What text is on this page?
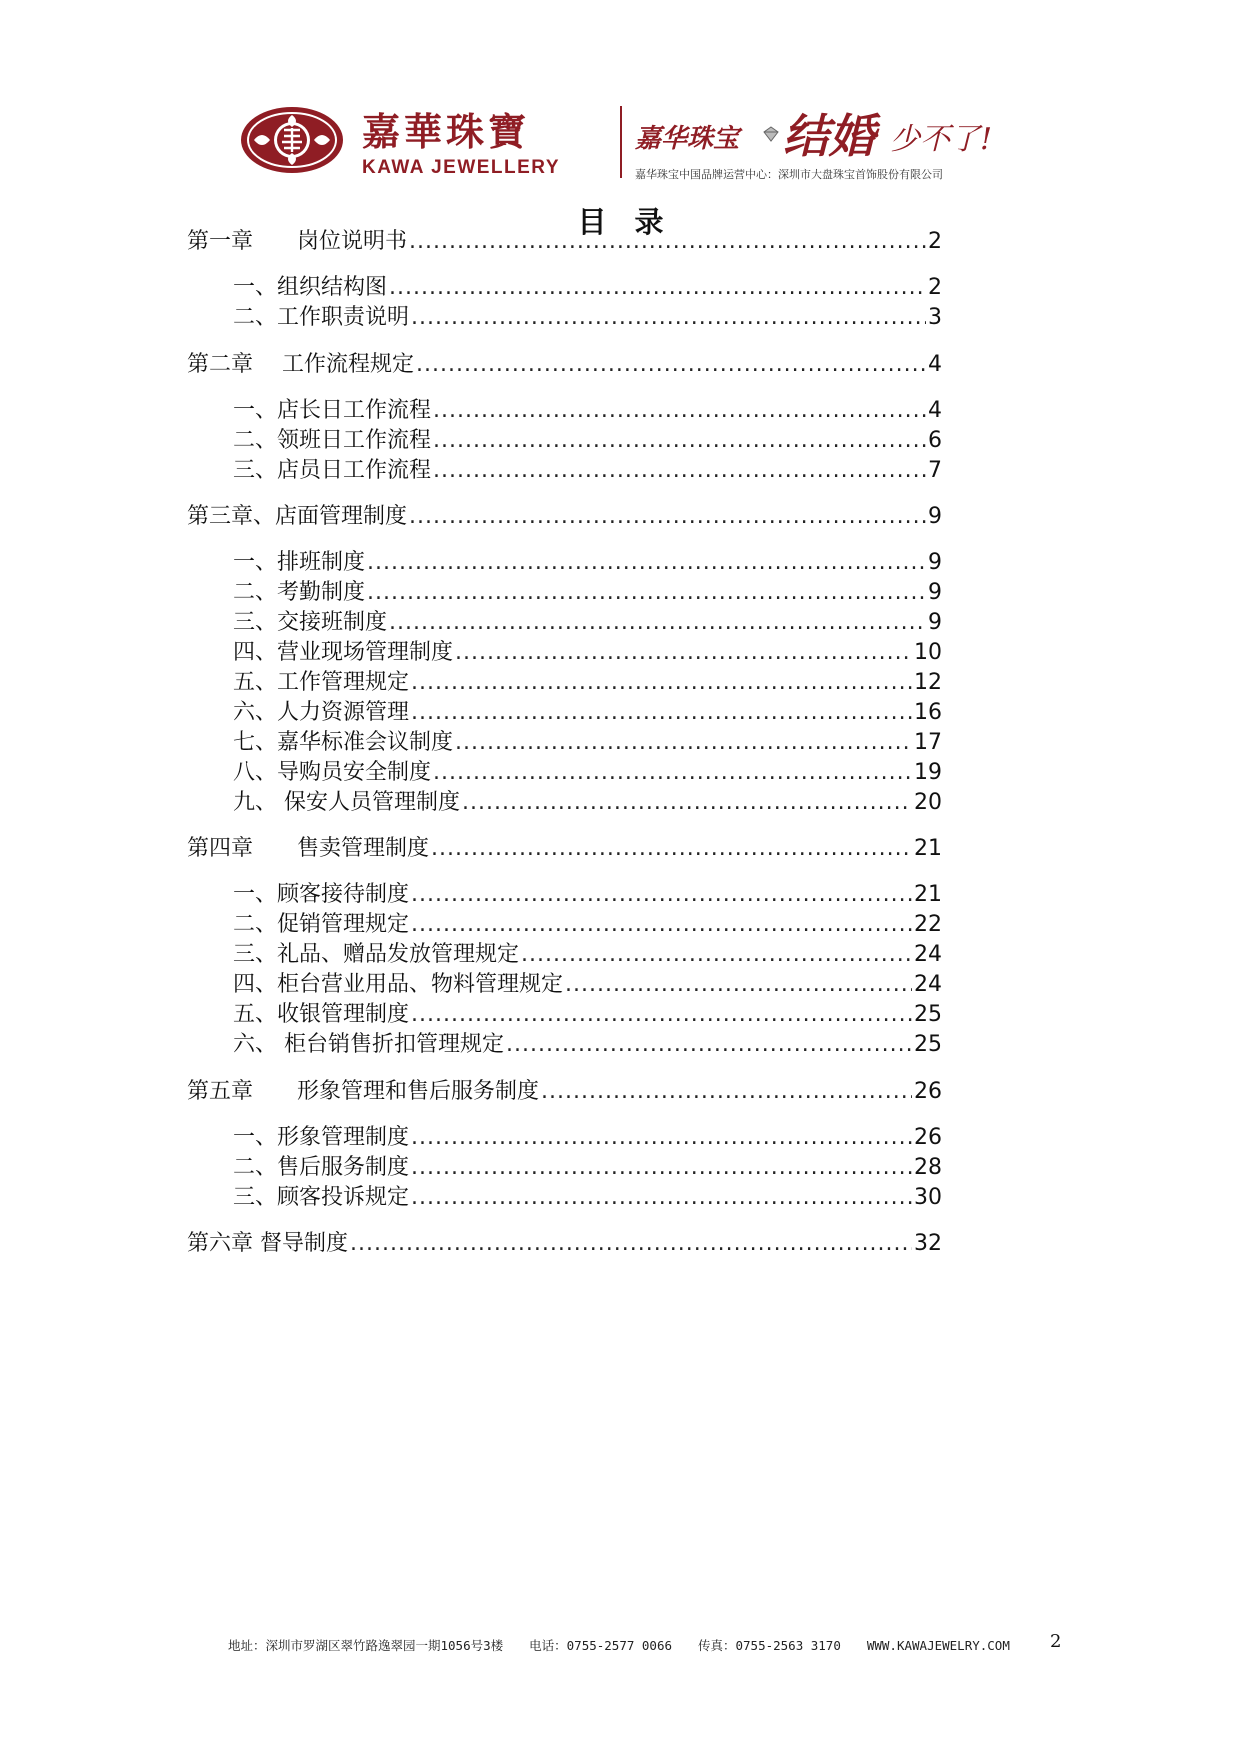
嘉華珠寶
KAWA JEWELLERY
嘉华珠宝 结婚 少不了!
嘉华珠宝中国品牌运营中心：深圳市大盘珠宝首饰股份有限公司
目录
第一章　　岗位说明书 .....	2
一、组织结构图 .....	2
二、工作职责说明 .....	3
第二章　 工作流程规定 .....	4
一、店长日工作流程 .....	4
二、领班日工作流程 .....	6
三、店员日工作流程 .....	7
第三章、店面管理制度 .....	9
一、排班制度 .....	9
二、考勤制度 .....	9
三、交接班制度 .....	9
四、营业现场管理制度 .....	10
五、工作管理规定 .....	12
六、人力资源管理 .....	16
七、嘉华标准会议制度 .....	17
八、导购员安全制度 .....	19
九、 保安人员管理制度 .....	20
第四章　　售卖管理制度 .....	21
一、顾客接待制度 .....	21
二、促销管理规定 .....	22
三、礼品、赠品发放管理规定 .....	24
四、柜台营业用品、物料管理规定 .....	24
五、收银管理制度 .....	25
六、 柜台销售折扣管理规定 .....	25
第五章　　形象管理和售后服务制度 .....	26
一、形象管理制度 .....	26
二、售后服务制度 .....	28
三、顾客投诉规定 .....	30
第六章 督导制度 .....	32
地址：深圳市罗湖区翠竹路逸翠园一期1056号3楼 电话：0755-2577 0066 传真：0755-2563 3170 WWW.KAWAJEWELRY.COM	2
